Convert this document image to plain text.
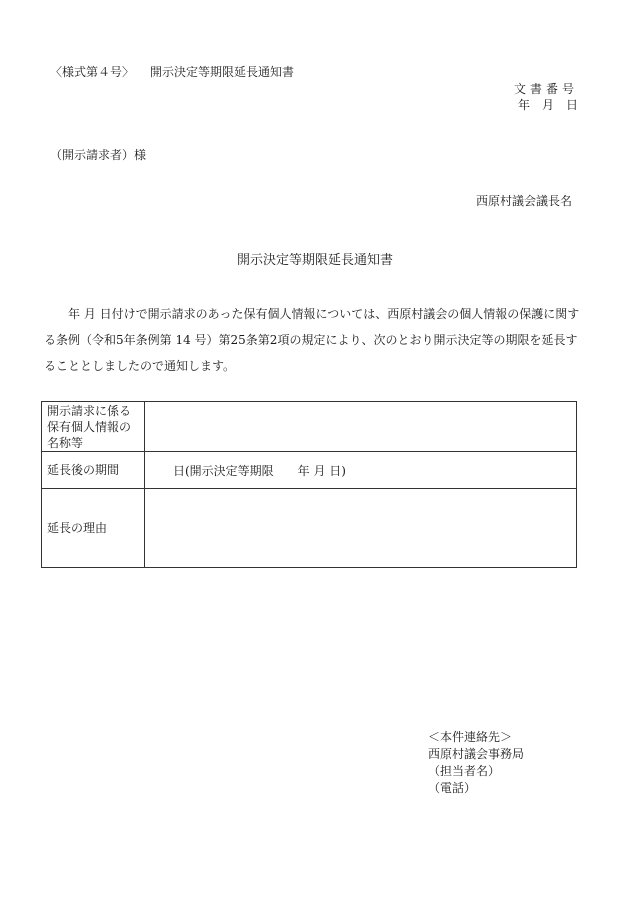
〈様式第４号〉 開示決定等期限延長通知書
文書番号
年　月　日
（開示請求者）様
西原村議会議長名
開示決定等期限延長通知書
　　年 月 日付けで開示請求のあった保有個人情報については、西原村議会の個人情報の保護に関する条例（令和5年条例第 14 号）第25条第2項の規定により、次のとおり開示決定等の期限を延長することとしましたので通知します。
開示請求に係る保有個人情報の名称等	
延長後の期間	日(開示決定等期限　　年 月 日)
延長の理由	
＜本件連絡先＞
西原村議会事務局
（担当者名）
（電話）
